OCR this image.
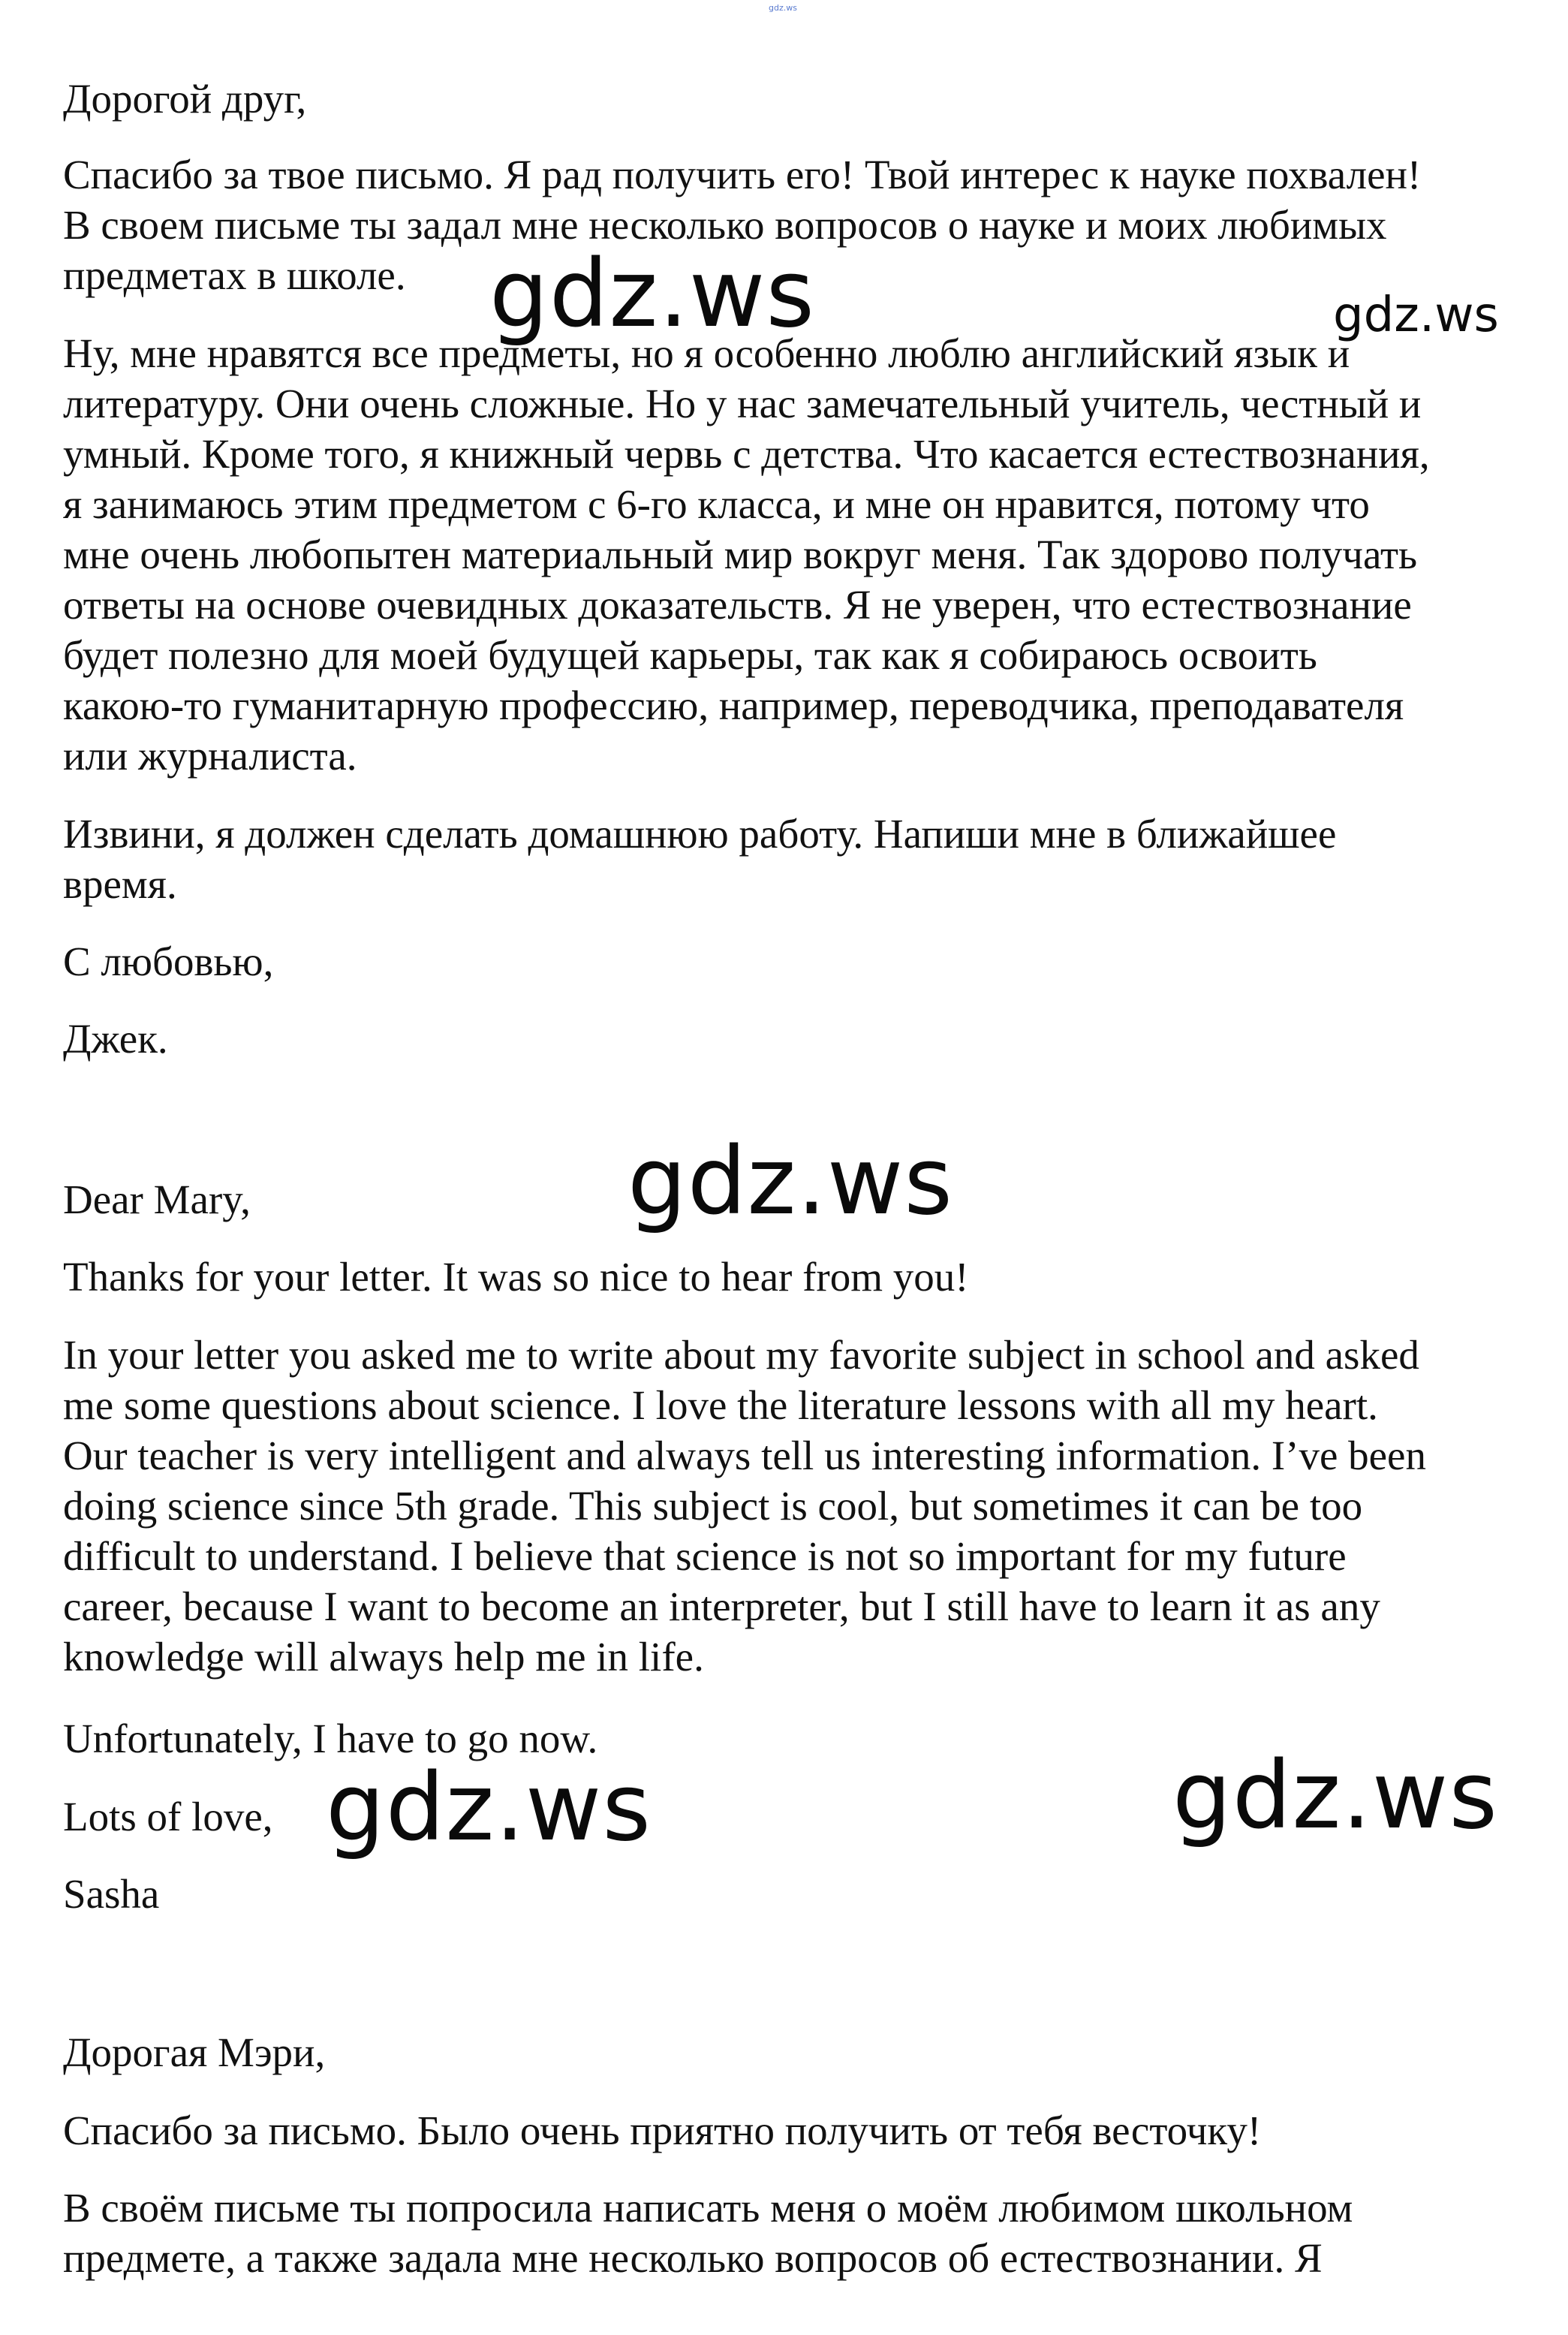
gdz.ws
Дорогой друг,
Спасибо за твое письмо. Я рад получить его! Твой интерес к науке похвален!
В своем письме ты задал мне несколько вопросов о науке и моих любимых
предметах в школе.
Ну, мне нравятся все предметы, но я особенно люблю английский язык и
литературу. Они очень сложные. Но у нас замечательный учитель, честный и
умный. Кроме того, я книжный червь с детства. Что касается естествознания,
я занимаюсь этим предметом с 6-го класса, и мне он нравится, потому что
мне очень любопытен материальный мир вокруг меня. Так здорово получать
ответы на основе очевидных доказательств. Я не уверен, что естествознание
будет полезно для моей будущей карьеры, так как я собираюсь освоить
какою-то гуманитарную профессию, например, переводчика, преподавателя
или журналиста.
Извини, я должен сделать домашнюю работу. Напиши мне в ближайшее
время.
С любовью,
Джек.
Dear Mary,
Thanks for your letter. It was so nice to hear from you!
In your letter you asked me to write about my favorite subject in school and asked
me some questions about science. I love the literature lessons with all my heart.
Our teacher is very intelligent and always tell us interesting information. I’ve been
doing science since 5th grade. This subject is cool, but sometimes it can be too
difficult to understand. I believe that science is not so important for my future
career, because I want to become an interpreter, but I still have to learn it as any
knowledge will always help me in life.
Unfortunately, I have to go now.
Lots of love,
Sasha
Дорогая Мэри,
Спасибо за письмо. Было очень приятно получить от тебя весточку!
В своём письме ты попросила написать меня о моём любимом школьном
предмете, а также задала мне несколько вопросов об естествознании. Я
gdz.ws	gdz.ws
gdz.ws
gdz.ws	gdz.ws
